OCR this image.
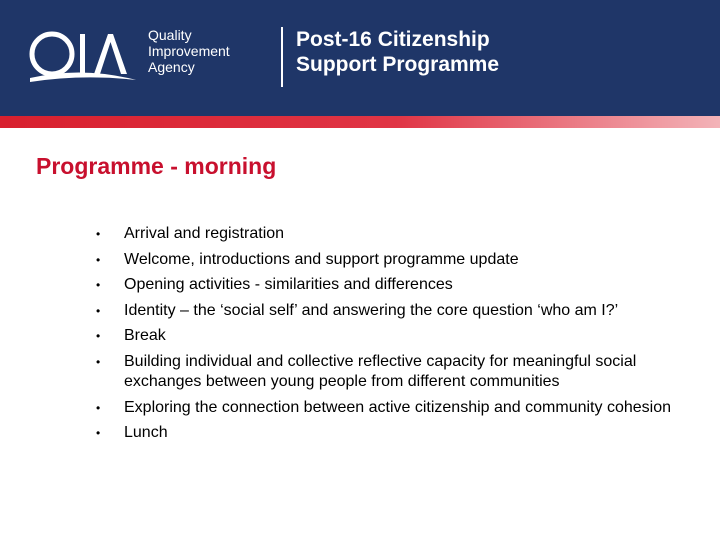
Quality
Improvement
Agency
Post-16 Citizenship
Support Programme
Programme - morning
• Arrival and registration
• Welcome, introductions and support programme update
• Opening activities - similarities and differences
• Identity – the ‘social self’ and answering the core question ‘who am I?’
• Break
• Building individual and collective reflective capacity for meaningful social exchanges between young people from different communities
• Exploring the connection between active citizenship and community cohesion
• Lunch
